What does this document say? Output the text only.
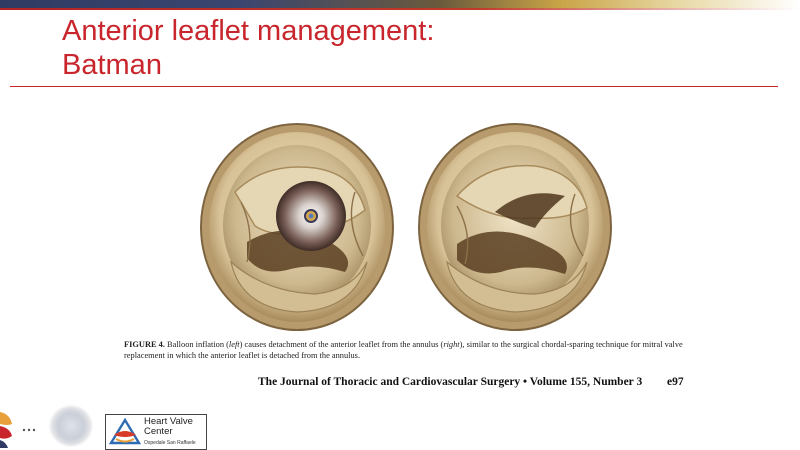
Anterior leaflet management:
Batman

FIGURE 4. Balloon inflation (left) causes detachment of the anterior leaflet from the annulus (right), similar to the surgical chordal-sparing technique for mitral valve replacement in which the anterior leaflet is detached from the annulus.

The Journal of Thoracic and Cardiovascular Surgery • Volume 155, Number 3 e97
Heart Valve
Center
Ospedale San Raffaele
